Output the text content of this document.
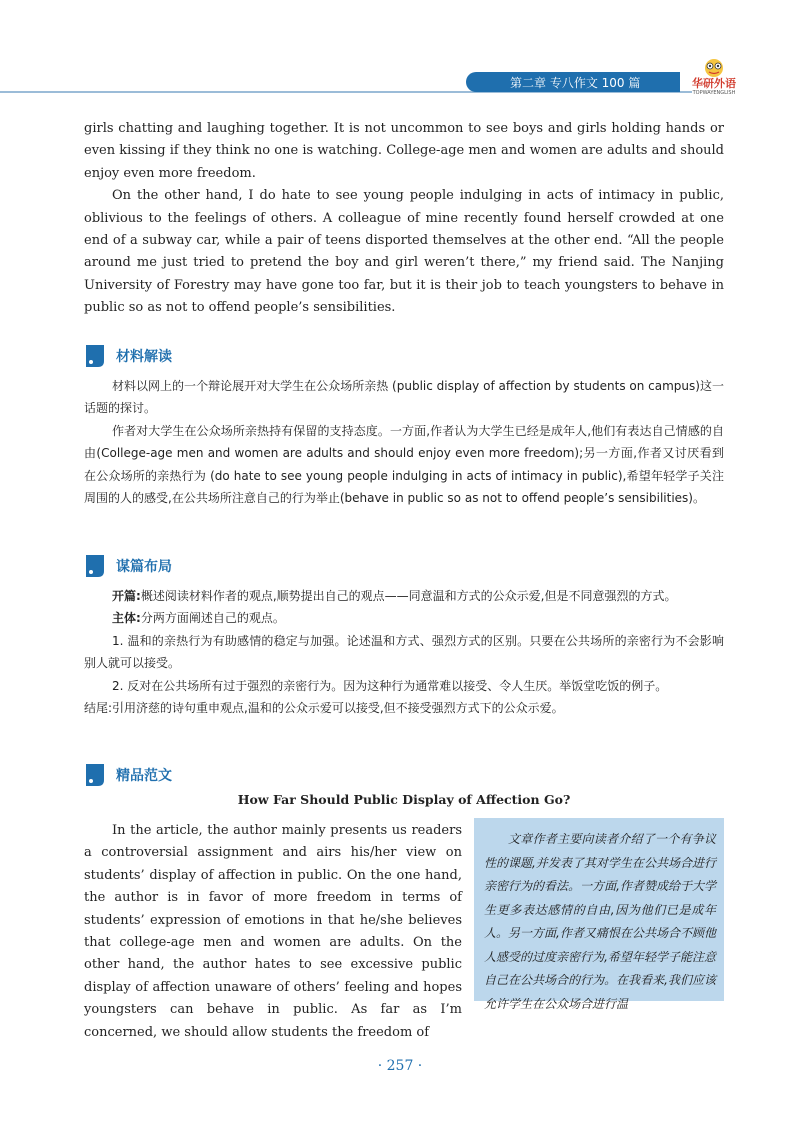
第二章 专八作文 100 篇	华研外语
TOPWAYENGLISH

girls chatting and laughing together. It is not uncommon to see boys and girls holding hands or even kissing if they think no one is watching. College-age men and women are adults and should enjoy even more freedom.

On the other hand, I do hate to see young people indulging in acts of intimacy in public, oblivious to the feelings of others. A colleague of mine recently found herself crowded at one end of a subway car, while a pair of teens disported themselves at the other end. “All the people around me just tried to pretend the boy and girl weren’t there,” my friend said. The Nanjing University of Forestry may have gone too far, but it is their job to teach youngsters to behave in public so as not to offend people’s sensibilities.

材料解读

材料以网上的一个辩论展开对大学生在公众场所亲热 (public display of affection by students on campus)这一话题的探讨。

作者对大学生在公众场所亲热持有保留的支持态度。一方面,作者认为大学生已经是成年人,他们有表达自己情感的自由(College-age men and women are adults and should enjoy even more freedom);另一方面,作者又讨厌看到在公众场所的亲热行为 (do hate to see young people indulging in acts of intimacy in public),希望年轻学子关注周围的人的感受,在公共场所注意自己的行为举止(behave in public so as not to offend people’s sensibilities)。

谋篇布局

开篇:概述阅读材料作者的观点,顺势提出自己的观点——同意温和方式的公众示爱,但是不同意强烈的方式。

主体:分两方面阐述自己的观点。

1. 温和的亲热行为有助感情的稳定与加强。论述温和方式、强烈方式的区别。只要在公共场所的亲密行为不会影响别人就可以接受。

2. 反对在公共场所有过于强烈的亲密行为。因为这种行为通常难以接受、令人生厌。举饭堂吃饭的例子。

结尾:引用济慈的诗句重申观点,温和的公众示爱可以接受,但不接受强烈方式下的公众示爱。

精品范文
How Far Should Public Display of Affection Go?

In the article, the author mainly presents us readers a controversial assignment and airs his/her view on students’ display of affection in public. On the one hand, the author is in favor of more freedom in terms of students’ expression of emotions in that he/she believes that college-age men and women are adults. On the other hand, the author hates to see excessive public display of affection unaware of others’ feeling and hopes youngsters can behave in public. As far as I’m concerned, we should allow students the freedom of

文章作者主要向读者介绍了一个有争议性的课题,并发表了其对学生在公共场合进行亲密行为的看法。一方面,作者赞成给于大学生更多表达感情的自由,因为他们已是成年人。另一方面,作者又痛恨在公共场合不顾他人感受的过度亲密行为,希望年轻学子能注意自己在公共场合的行为。在我看来,我们应该允许学生在公众场合进行温

· 257 ·
